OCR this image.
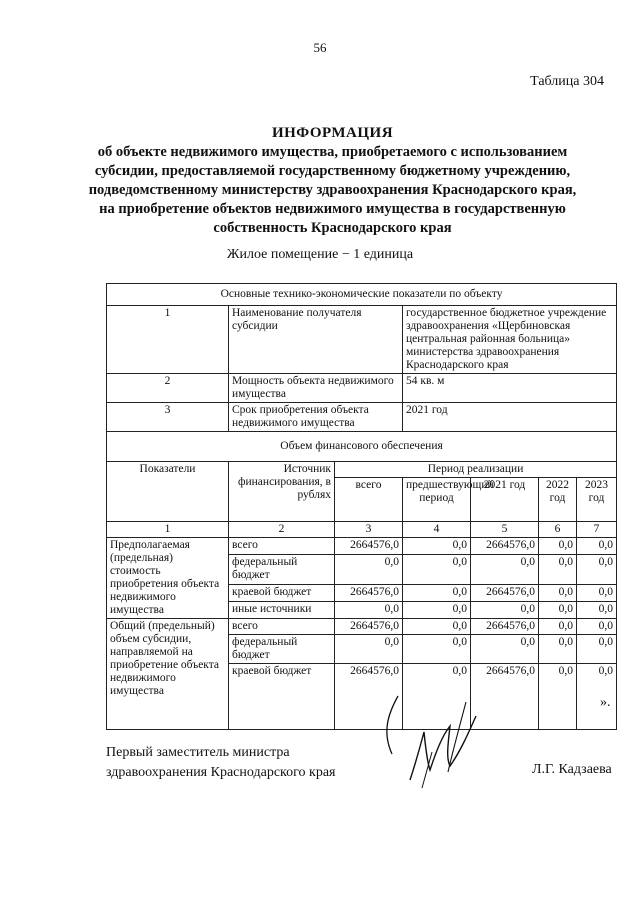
56
Таблица 304
ИНФОРМАЦИЯ
об объекте недвижимого имущества, приобретаемого с использованием
субсидии, предоставляемой государственному бюджетному учреждению,
подведомственному министерству здравоохранения Краснодарского края,
на приобретение объектов недвижимого имущества в государственную
собственность Краснодарского края
Жилое помещение − 1 единица
Основные технико-экономические показатели по объекту						
1	Наименование получателя субсидии		государственное бюджетное учреждение здравоохранения «Щербиновская центральная районная больница» министерства здравоохранения Краснодарского края			
2	Мощность объекта недвижимого имущества		54 кв. м			
3	Срок приобретения объекта недвижимого имущества		2021 год			
Объем финансового обеспечения						
Показатели	Источник финансирования, в рублях	Период реализации				
		всего	предшествующий период	2021 год	2022 год	2023 год
1	2	3	4	5	6	7
Предполагаемая (предельная) стоимость приобретения объекта недвижимого имущества	всего	2664576,0	0,0	2664576,0	0,0	0,0
	федеральный бюджет	0,0	0,0	0,0	0,0	0,0
	краевой бюджет	2664576,0	0,0	2664576,0	0,0	0,0
	иные источники	0,0	0,0	0,0	0,0	0,0
Общий (предельный) объем субсидии, направляемой на приобретение объекта недвижимого имущества	всего	2664576,0	0,0	2664576,0	0,0	0,0
	федеральный бюджет	0,0	0,0	0,0	0,0	0,0
	краевой бюджет	2664576,0	0,0	2664576,0	0,0	0,0
».
Первый заместитель министра
здравоохранения Краснодарского края	Л.Г. Кадзаева
